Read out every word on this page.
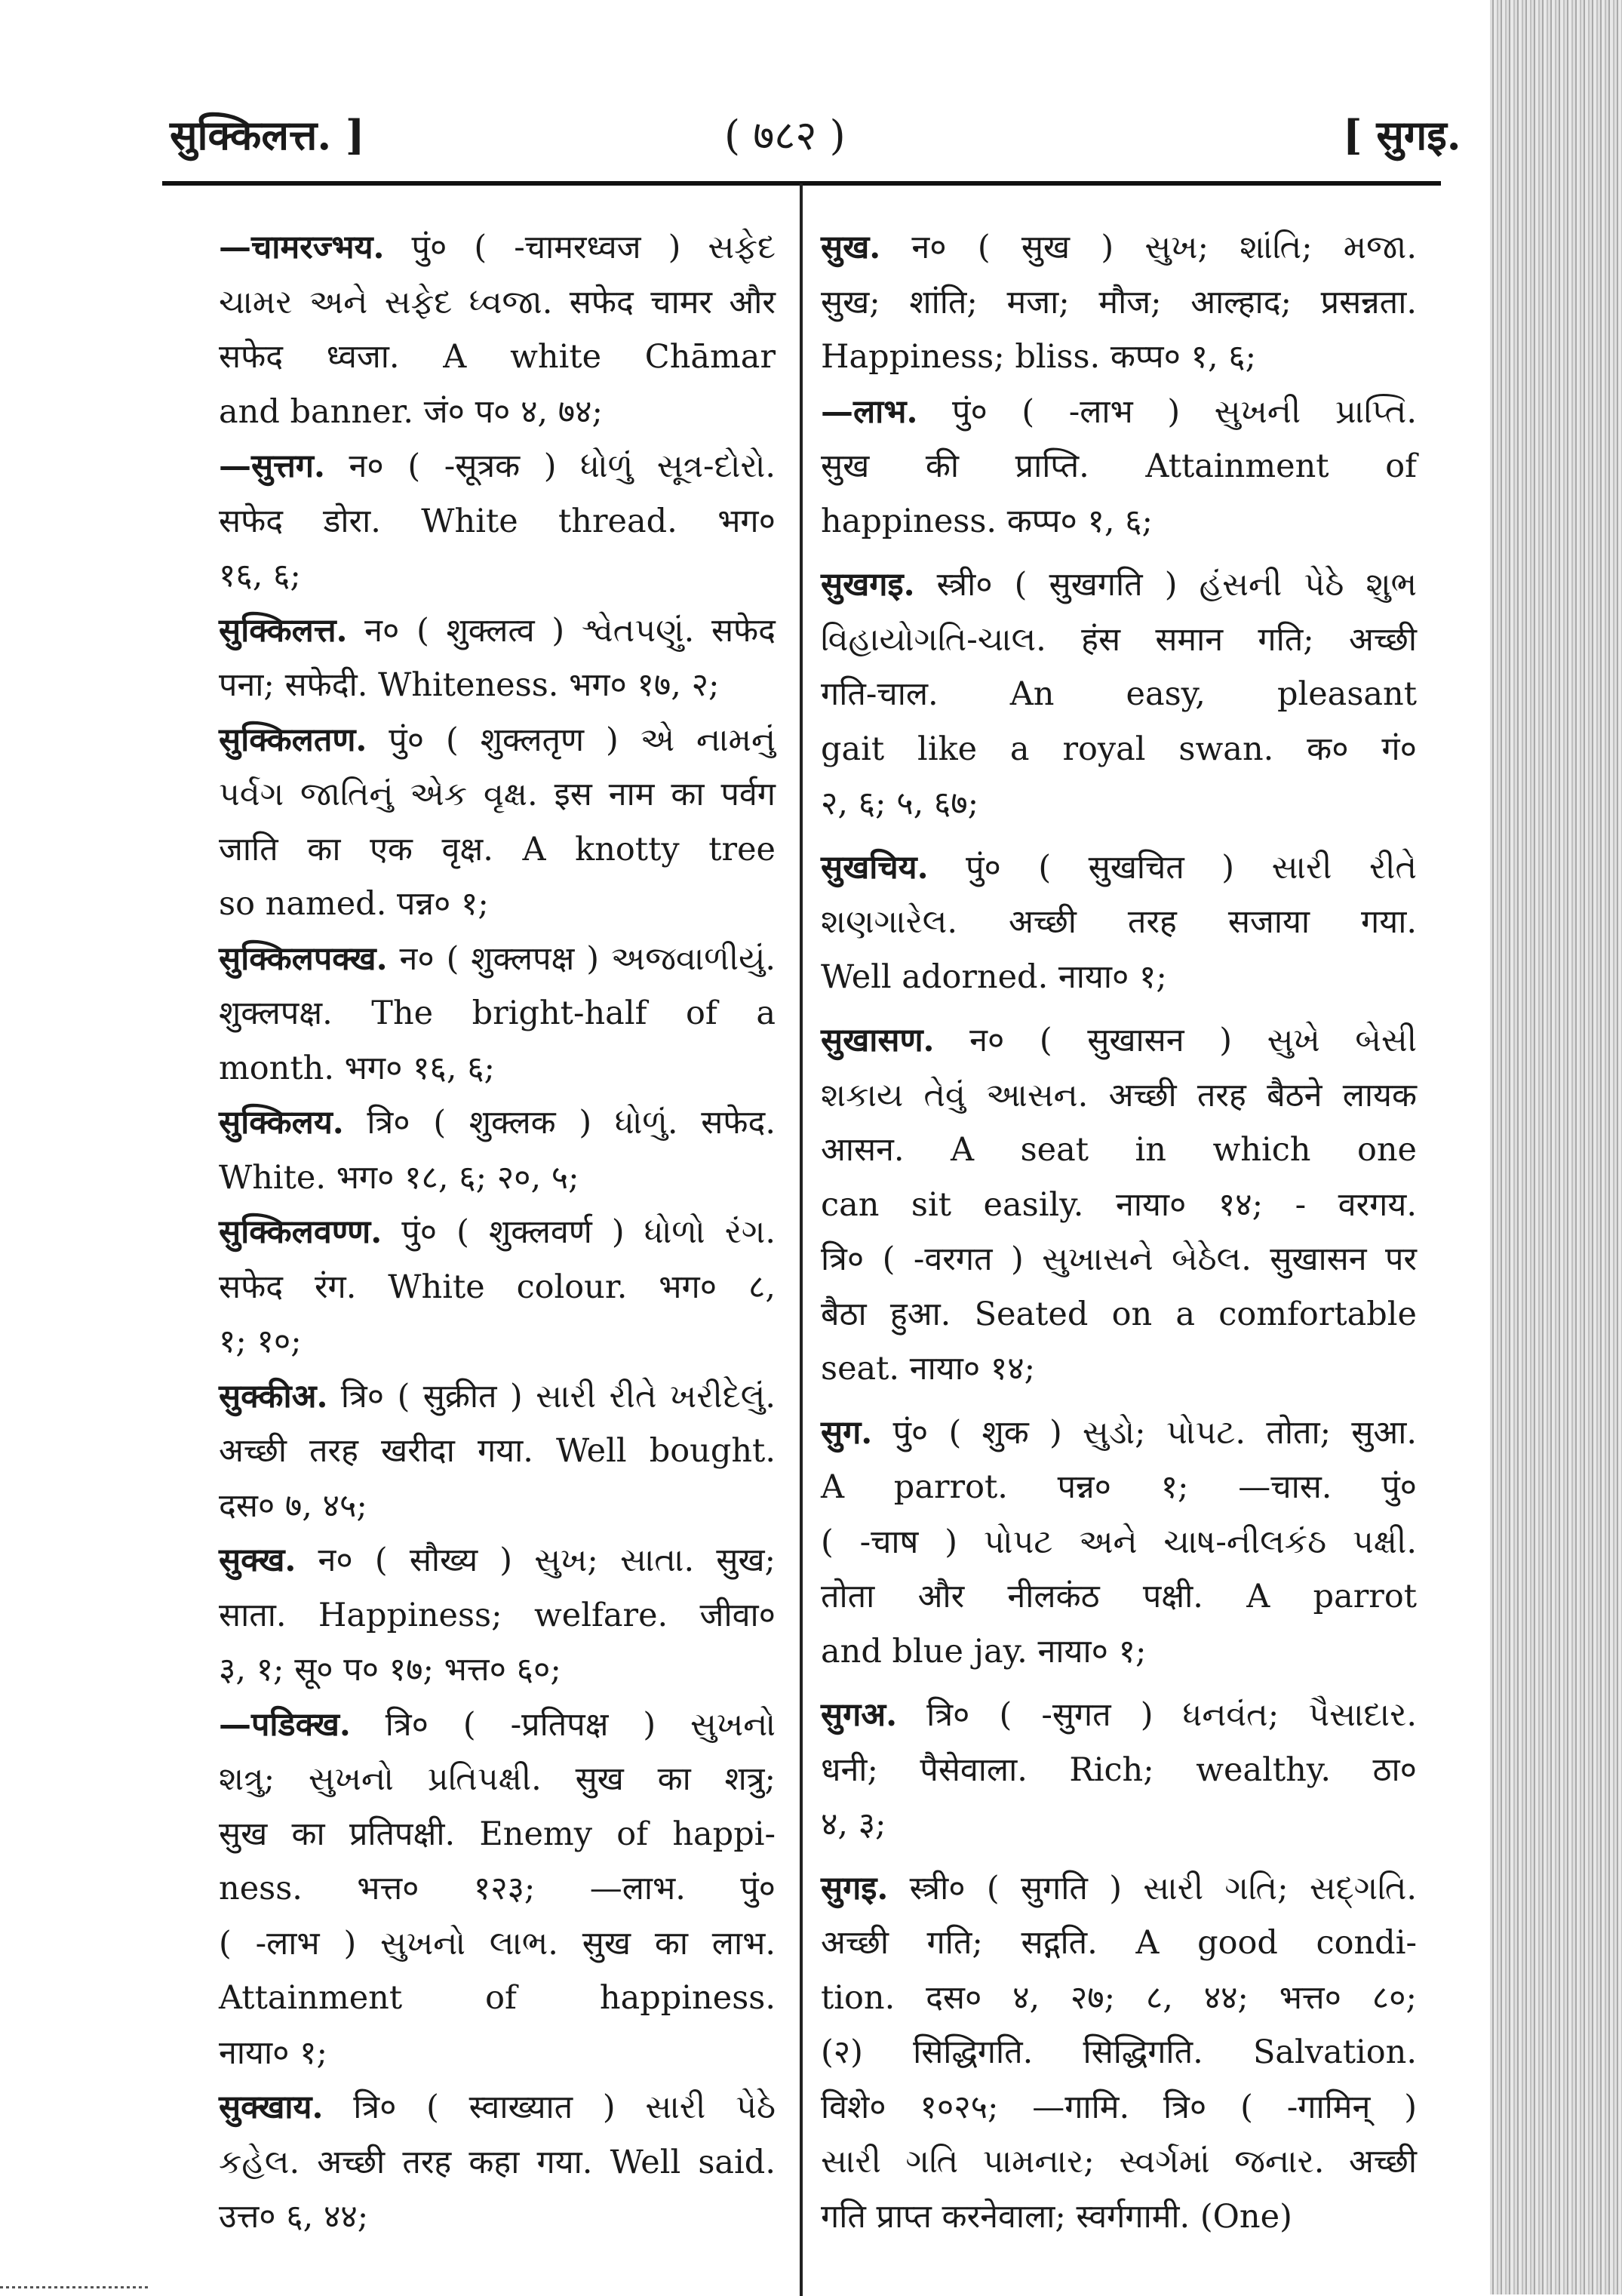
सुक्किलत्त. ]	( ७८२ )	[ सुगइ.
—चामरज्भय. पुं० ( -चामरध्वज ) સફેદ
ચામર અને સફેદ ધ્વજા. सफेद चामर और
सफेद ध्वजा. A white Chāmar
and banner. जं० प० ४, ७४;
—सुत्तग. न० ( -सूत्रक ) ધોળું સૂત્ર-દોરો.
सफेद डोरा. White thread. भग०
१६, ६;
सुक्किलत्त. न० ( शुक्लत्व ) શ્વેતપણું. सफेद
पना; सफेदी. Whiteness. भग० १७, २;
सुक्किलतण. पुं० ( शुक्लतृण ) એ નામનું
પર્વગ જાતિનું એક વૃક્ષ. इस नाम का पर्वग
जाति का एक वृक्ष. A knotty tree
so named. पन्न० १;
सुक्किलपक्ख. न० ( शुक्लपक्ष ) અજવાળીયું.
शुक्लपक्ष. The bright-half of a
month. भग० १६, ६;
सुक्किलय. त्रि० ( शुक्लक ) ધોળું. सफेद.
White. भग० १८, ६; २०, ५;
सुक्किलवण्ण. पुं० ( शुक्लवर्ण ) ધોળો રંગ.
सफेद रंग. White colour. भग० ८,
१; १०;
सुक्कीअ. त्रि० ( सुक्रीत ) સારી રીતે ખરીદેલું.
अच्छी तरह खरीदा गया. Well bought.
दस० ७, ४५;
सुक्ख. न० ( सौख्य ) સુખ; સાતા. सुख;
साता. Happiness; welfare. जीवा०
३, १; सू० प० १७; भत्त० ६०;
—पडिक्ख. त्रि० ( -प्रतिपक्ष ) સુખનો
શત્રુ; સુખનો પ્રતિપક્ષી. सुख का शत्रु;
सुख का प्रतिपक्षी. Enemy of happi-
ness. भत्त० १२३; —लाभ. पुं०
( -लाभ ) સુખનો લાભ. सुख का लाभ.
Attainment of happiness.
नाया० १;
सुक्खाय. त्रि० ( स्वाख्यात ) સારી પેઠે
કહેલ. अच्छी तरह कहा गया. Well said.
उत्त० ६, ४४;
सुख. न० ( सुख ) સુખ; શાંતિ; મજા.
सुख; शांति; मजा; मौज; आल्हाद; प्रसन्नता.
Happiness; bliss. कप्प० १, ६;
—लाभ. पुं० ( -लाभ ) સુખની પ્રાપ્તિ.
सुख की प्राप्ति. Attainment of
happiness. कप्प० १, ६;
सुखगइ. स्त्री० ( सुखगति ) હંસની પેઠે શુભ
વિહાયોગતિ-ચાલ. हंस समान गति; अच्छी
गति-चाल. An easy, pleasant
gait like a royal swan. क० गं०
२, ६; ५, ६७;
सुखचिय. पुं० ( सुखचित ) સારી રીતે
શણગારેલ. अच्छी तरह सजाया गया.
Well adorned. नाया० १;
सुखासण. न० ( सुखासन ) સુખે બેસી
શકાય તેવું આસન. अच्छी तरह बैठने लायक
आसन. A seat in which one
can sit easily. नाया० १४; - वरगय.
त्रि० ( -वरगत ) સુખાસને બેઠેલ. सुखासन पर
बैठा हुआ. Seated on a comfortable
seat. नाया० १४;
सुग. पुं० ( शुक ) સુડો; પોપટ. तोता; सुआ.
A parrot. पन्न० १; —चास. पुं०
( -चाष ) પોપટ અને ચાષ-નીલકંઠ પક્ષી.
तोता और नीलकंठ पक्षी. A parrot
and blue jay. नाया० १;
सुगअ. त्रि० ( -सुगत ) ધનવંત; પૈસાદાર.
धनी; पैसेवाला. Rich; wealthy. ठा०
४, ३;
सुगइ. स्त्री० ( सुगति ) સારી ગતિ; સદ્ગતિ.
अच्छी गति; सद्गति. A good condi-
tion. दस० ४, २७; ८, ४४; भत्त० ८०;
(२) सिद्धिगति. सिद्धिगति. Salvation.
विशे० १०२५; —गामि. त्रि० ( -गामिन् )
સારી ગતિ પામનાર; સ્વર્ગમાં જનાર. अच्छी
गति प्राप्त करनेवाला; स्वर्गगामी. (One)
